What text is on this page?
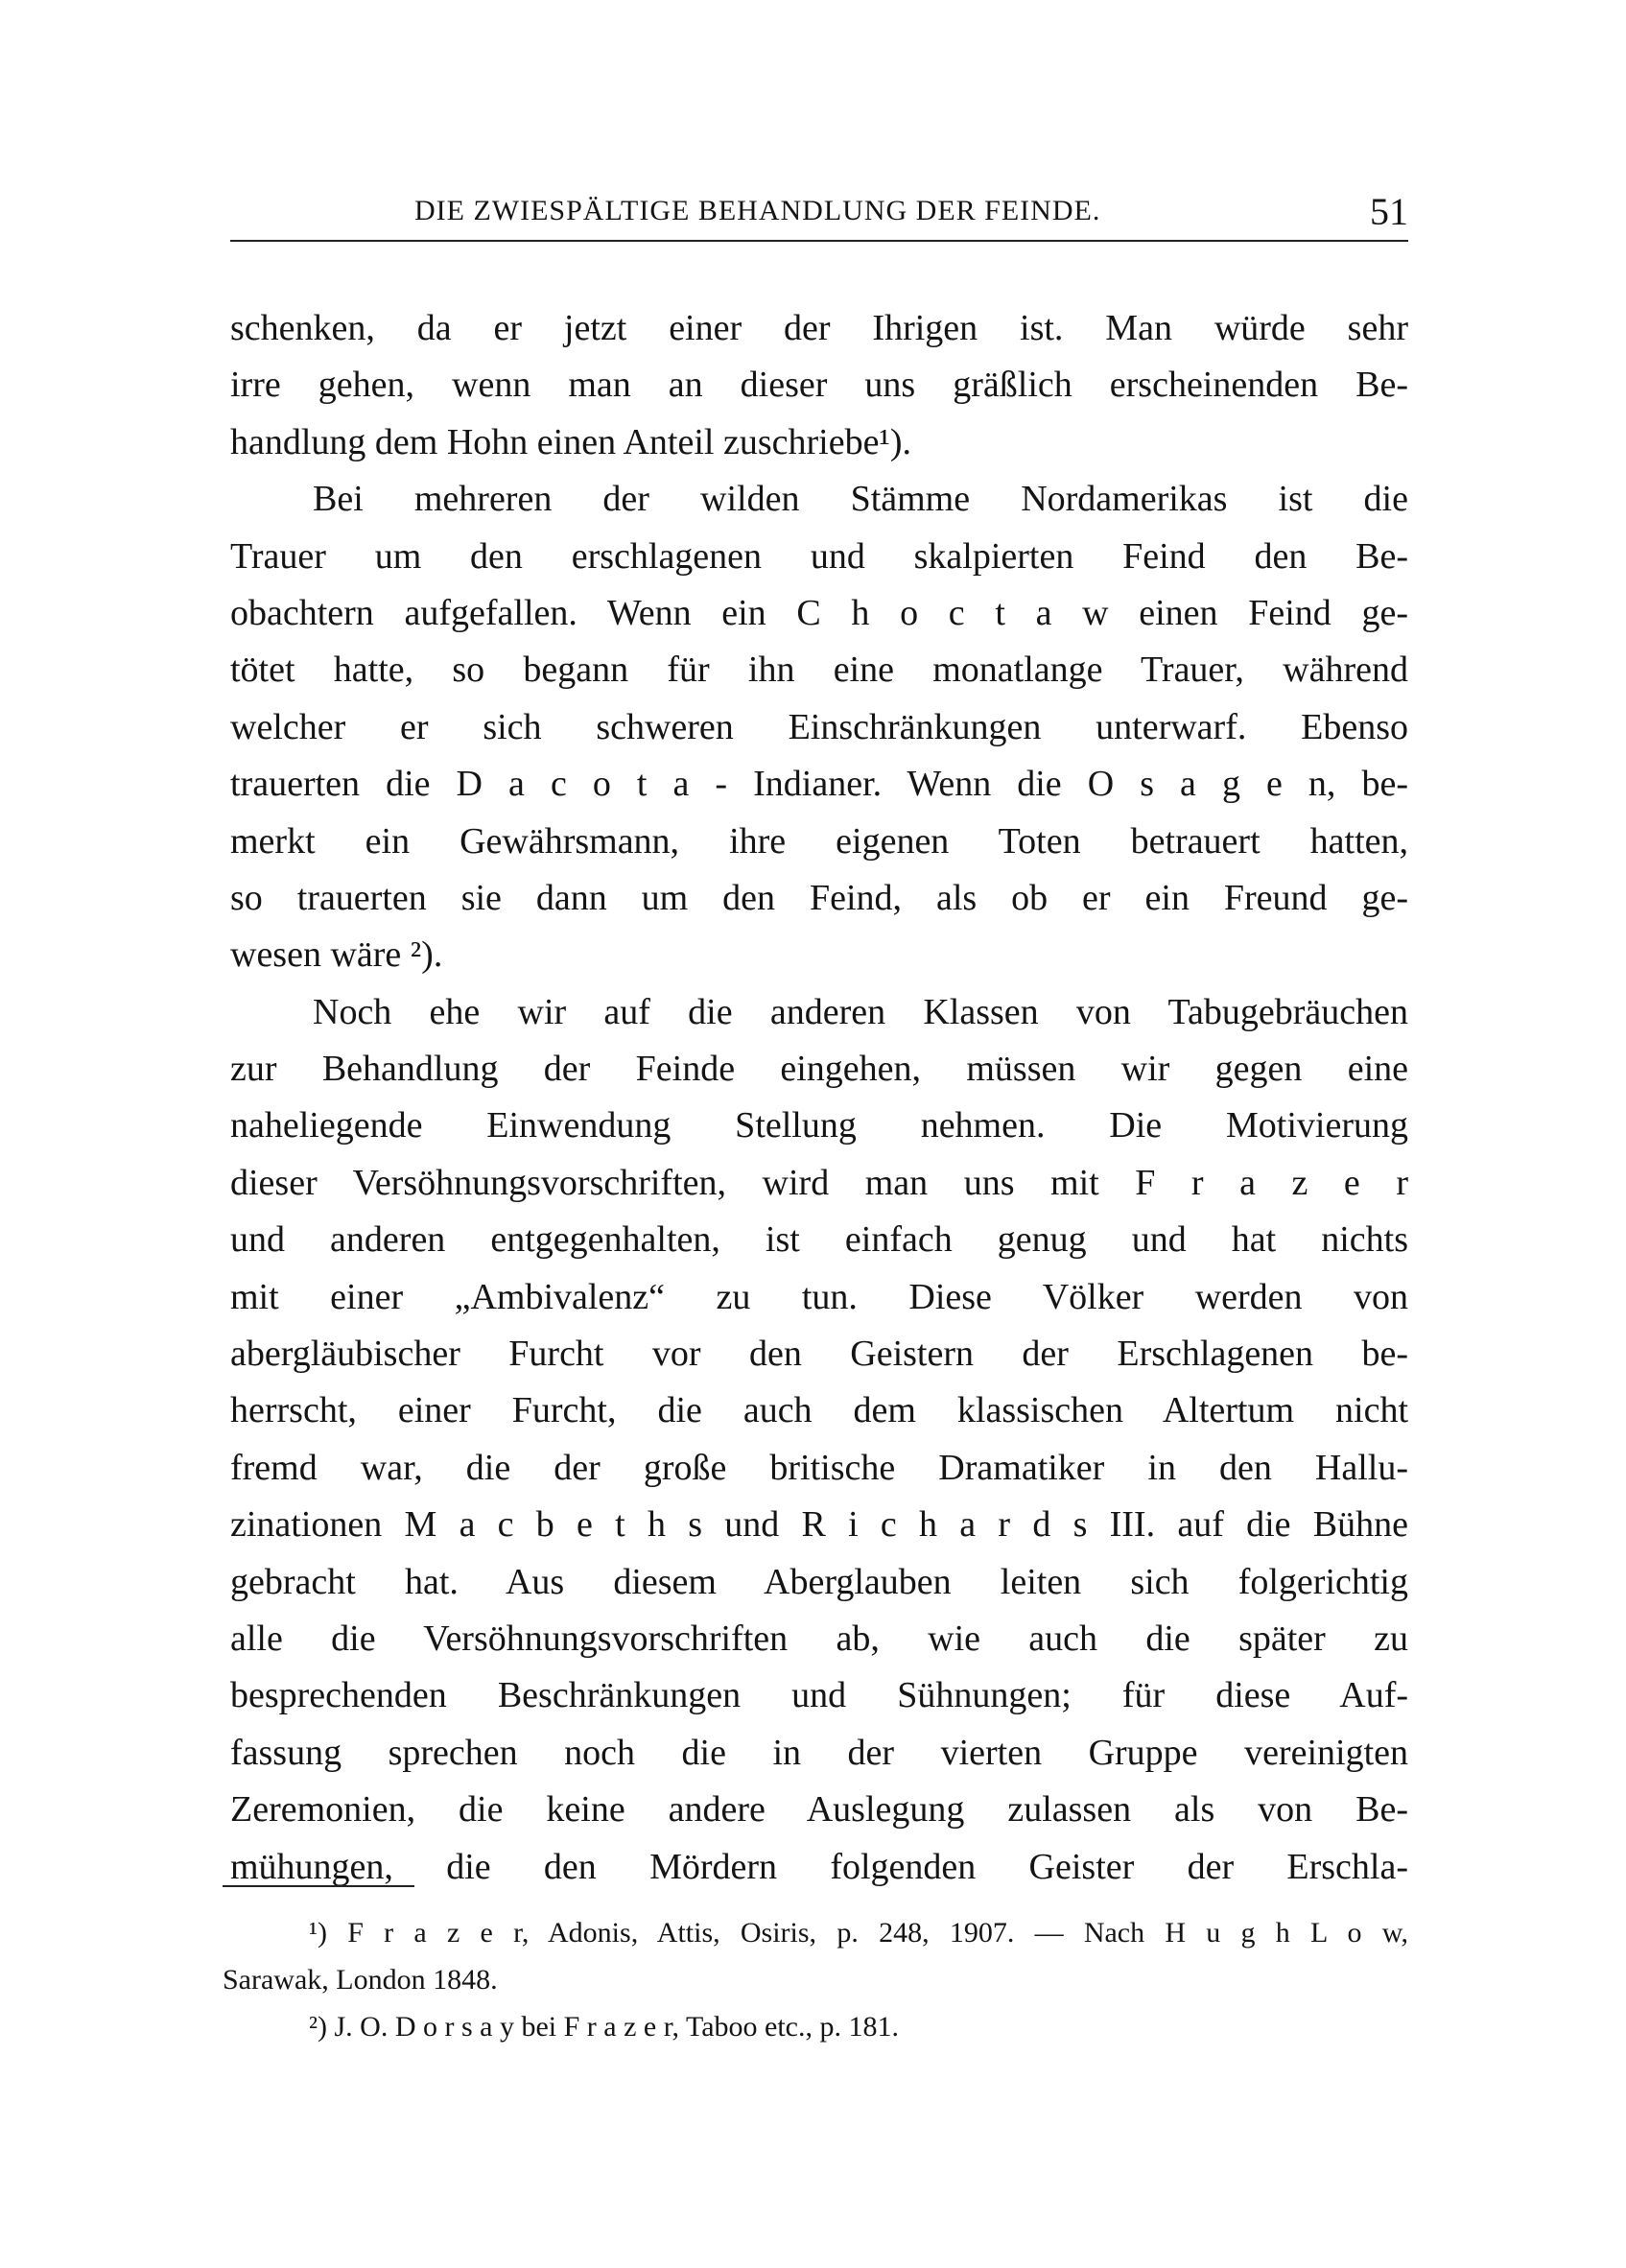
DIE ZWIESPÄLTIGE BEHANDLUNG DER FEINDE.	51
schenken, da er jetzt einer der Ihrigen ist. Man würde sehr
irre gehen, wenn man an dieser uns gräßlich erscheinenden Be-
handlung dem Hohn einen Anteil zuschriebe¹).
Bei mehreren der wilden Stämme Nordamerikas ist die
Trauer um den erschlagenen und skalpierten Feind den Be-
obachtern aufgefallen. Wenn ein C h o c t a w einen Feind ge-
tötet hatte, so begann für ihn eine monatlange Trauer, während
welcher er sich schweren Einschränkungen unterwarf. Ebenso
trauerten die D a c o t a - Indianer. Wenn die O s a g e n, be-
merkt ein Gewährsmann, ihre eigenen Toten betrauert hatten,
so trauerten sie dann um den Feind, als ob er ein Freund ge-
wesen wäre ²).
Noch ehe wir auf die anderen Klassen von Tabugebräuchen
zur Behandlung der Feinde eingehen, müssen wir gegen eine
naheliegende Einwendung Stellung nehmen. Die Motivierung
dieser Versöhnungsvorschriften, wird man uns mit F r a z e r
und anderen entgegenhalten, ist einfach genug und hat nichts
mit einer „Ambivalenz“ zu tun. Diese Völker werden von
abergläubischer Furcht vor den Geistern der Erschlagenen be-
herrscht, einer Furcht, die auch dem klassischen Altertum nicht
fremd war, die der große britische Dramatiker in den Hallu-
zinationen M a c b e t h s und R i c h a r d s III. auf die Bühne
gebracht hat. Aus diesem Aberglauben leiten sich folgerichtig
alle die Versöhnungsvorschriften ab, wie auch die später zu
besprechenden Beschränkungen und Sühnungen; für diese Auf-
fassung sprechen noch die in der vierten Gruppe vereinigten
Zeremonien, die keine andere Auslegung zulassen als von Be-
mühungen, die den Mördern folgenden Geister der Erschla-
¹) F r a z e r, Adonis, Attis, Osiris, p. 248, 1907. — Nach H u g h L o w,
Sarawak, London 1848.
²) J. O. D o r s a y bei F r a z e r, Taboo etc., p. 181.
